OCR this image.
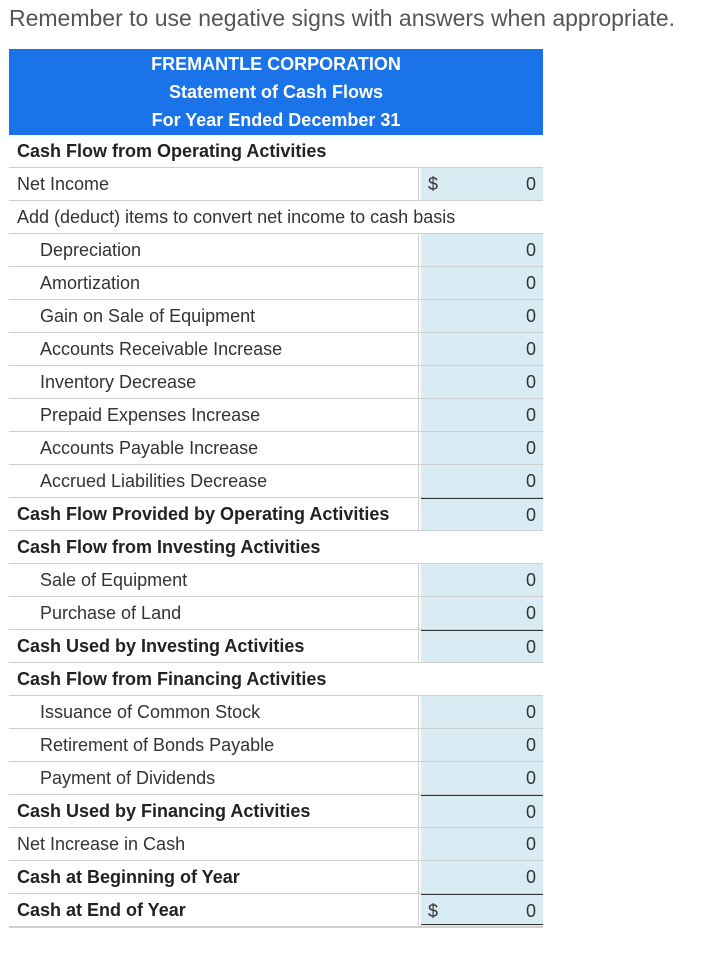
Remember to use negative signs with answers when appropriate.
FREMANTLE CORPORATION
Statement of Cash Flows
For Year Ended December 31
Cash Flow from Operating Activities
Net Income	$	0
Add (deduct) items to convert net income to cash basis
Depreciation	0
Amortization	0
Gain on Sale of Equipment	0
Accounts Receivable Increase	0
Inventory Decrease	0
Prepaid Expenses Increase	0
Accounts Payable Increase	0
Accrued Liabilities Decrease	0
Cash Flow Provided by Operating Activities	0
Cash Flow from Investing Activities
Sale of Equipment	0
Purchase of Land	0
Cash Used by Investing Activities	0
Cash Flow from Financing Activities
Issuance of Common Stock	0
Retirement of Bonds Payable	0
Payment of Dividends	0
Cash Used by Financing Activities	0
Net Increase in Cash	0
Cash at Beginning of Year	0
Cash at End of Year	$	0
